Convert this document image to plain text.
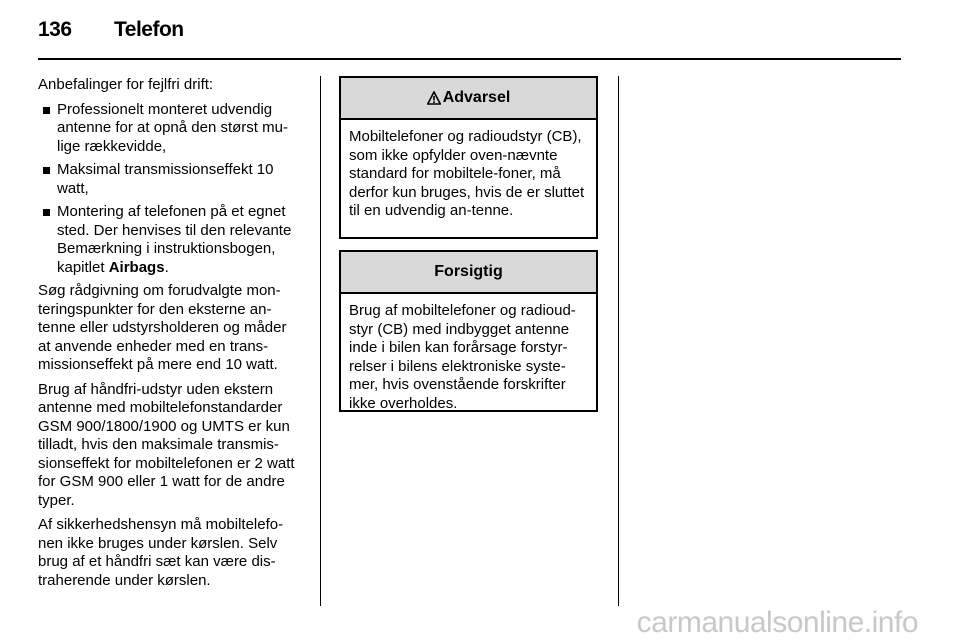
136 Telefon

Anbefalinger for fejlfri drift:

Professionelt monteret udvendig antenne for at opnå den størst mu-lige rækkevidde,
Maksimal transmissionseffekt 10 watt,
Montering af telefonen på et egnet sted. Der henvises til den relevante Bemærkning i instruktionsbogen, kapitlet Airbags.

Søg rådgivning om forudvalgte mon-teringspunkter for den eksterne an-tenne eller udstyrsholderen og måder at anvende enheder med en trans-missionseffekt på mere end 10 watt.

Brug af håndfri-udstyr uden ekstern antenne med mobiltelefonstandarder GSM 900/1800/1900 og UMTS er kun tilladt, hvis den maksimale transmis-sionseffekt for mobiltelefonen er 2 watt for GSM 900 eller 1 watt for de andre typer.

Af sikkerhedshensyn må mobiltelefo-nen ikke bruges under kørslen. Selv brug af et håndfri sæt kan være dis-traherende under kørslen.

Advarsel
Mobiltelefoner og radioudstyr (CB), som ikke opfylder oven-nævnte standard for mobiltele-foner, må derfor kun bruges, hvis de er sluttet til en udvendig an-tenne.
Forsigtig
Brug af mobiltelefoner og radioud-styr (CB) med indbygget antenne inde i bilen kan forårsage forstyr-relser i bilens elektroniske syste-mer, hvis ovenstående forskrifter ikke overholdes.
carmanualsonline.info
